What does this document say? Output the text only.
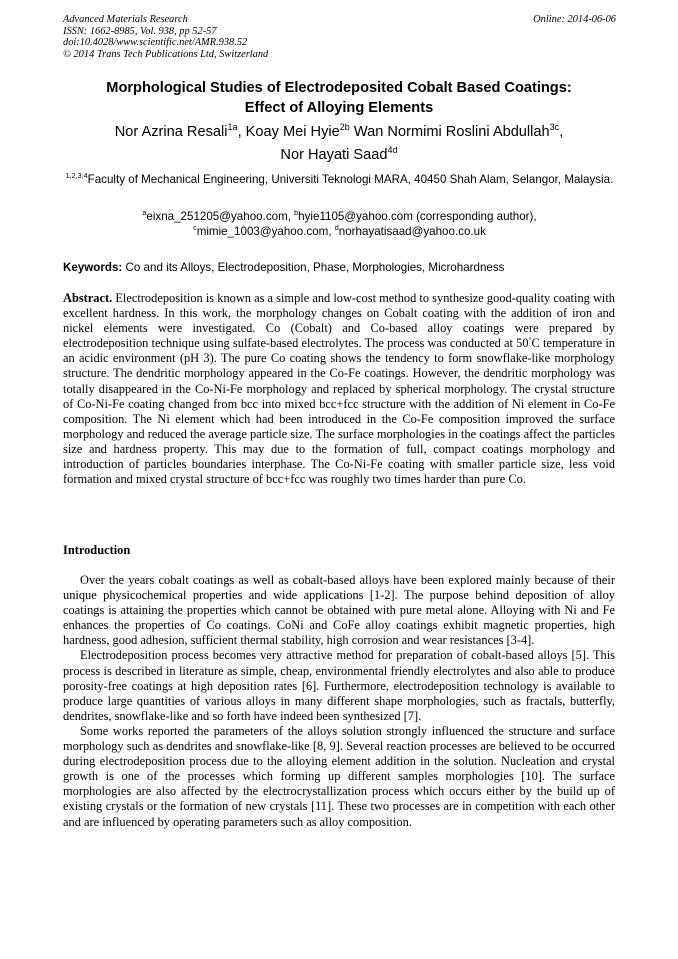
Advanced Materials Research
ISSN: 1662-8985, Vol. 938, pp 52-57
doi:10.4028/www.scientific.net/AMR.938.52
© 2014 Trans Tech Publications Ltd, Switzerland
Online: 2014-06-06
Morphological Studies of Electrodeposited Cobalt Based Coatings:
Effect of Alloying Elements
Nor Azrina Resali$^{1a}$, Koay Mei Hyie$^{2b}$ Wan Normimi Roslini Abdullah$^{3c}$,
Nor Hayati Saad$^{4d}$
$^{1,2,3,4}$Faculty of Mechanical Engineering, Universiti Teknologi MARA, 40450 Shah Alam, Selangor, Malaysia.
$^a$eixna_251205@yahoo.com, $^b$hyie1105@yahoo.com (corresponding author),
$^c$mimie_1003@yahoo.com, $^d$norhayatisaad@yahoo.co.uk
Keywords: Co and its Alloys, Electrodeposition, Phase, Morphologies, Microhardness
Abstract. Electrodeposition is known as a simple and low-cost method to synthesize good-quality coating with excellent hardness. In this work, the morphology changes on Cobalt coating with the addition of iron and nickel elements were investigated. Co (Cobalt) and Co-based alloy coatings were prepared by electrodeposition technique using sulfate-based electrolytes. The process was conducted at 50°C temperature in an acidic environment (pH 3). The pure Co coating shows the tendency to form snowflake-like morphology structure. The dendritic morphology appeared in the Co-Fe coatings. However, the dendritic morphology was totally disappeared in the Co-Ni-Fe morphology and replaced by spherical morphology. The crystal structure of Co-Ni-Fe coating changed from bcc into mixed bcc+fcc structure with the addition of Ni element in Co-Fe composition. The Ni element which had been introduced in the Co-Fe composition improved the surface morphology and reduced the average particle size. The surface morphologies in the coatings affect the particles size and hardness property. This may due to the formation of full, compact coatings morphology and introduction of particles boundaries interphase. The Co-Ni-Fe coating with smaller particle size, less void formation and mixed crystal structure of bcc+fcc was roughly two times harder than pure Co.
Introduction

Over the years cobalt coatings as well as cobalt-based alloys have been explored mainly because of their unique physicochemical properties and wide applications [1-2]. The purpose behind deposition of alloy coatings is attaining the properties which cannot be obtained with pure metal alone. Alloying with Ni and Fe enhances the properties of Co coatings. CoNi and CoFe alloy coatings exhibit magnetic properties, high hardness, good adhesion, sufficient thermal stability, high corrosion and wear resistances [3-4].

Electrodeposition process becomes very attractive method for preparation of cobalt-based alloys [5]. This process is described in literature as simple, cheap, environmental friendly electrolytes and also able to produce porosity-free coatings at high deposition rates [6]. Furthermore, electrodeposition technology is available to produce large quantities of various alloys in many different shape morphologies, such as fractals, butterfly, dendrites, snowflake-like and so forth have indeed been synthesized [7].

Some works reported the parameters of the alloys solution strongly influenced the structure and surface morphology such as dendrites and snowflake-like [8, 9]. Several reaction processes are believed to be occurred during electrodeposition process due to the alloying element addition in the solution. Nucleation and crystal growth is one of the processes which forming up different samples morphologies [10]. The surface morphologies are also affected by the electrocrystallization process which occurs either by the build up of existing crystals or the formation of new crystals [11]. These two processes are in competition with each other and are influenced by operating parameters such as alloy composition.
